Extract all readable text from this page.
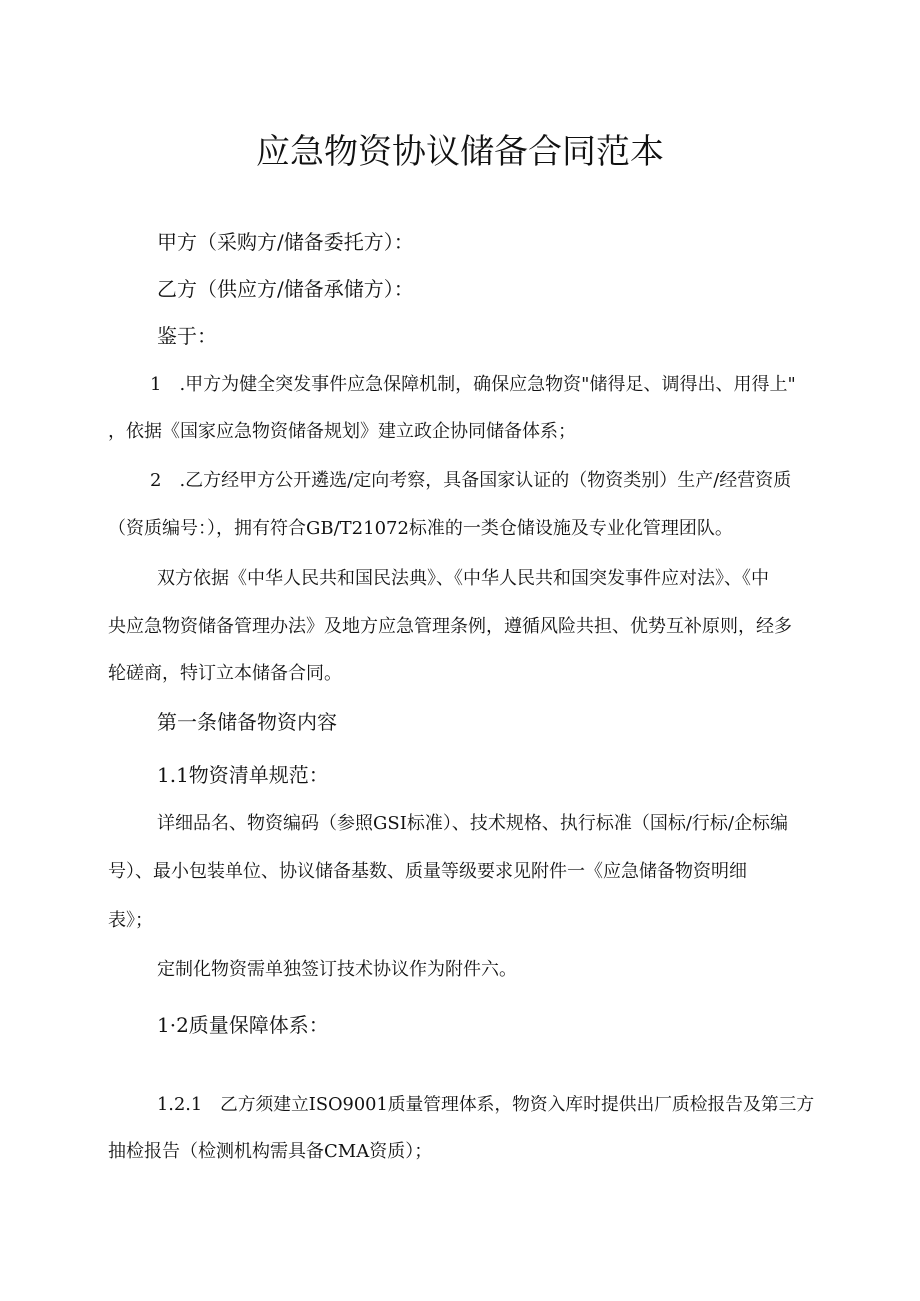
应急物资协议储备合同范本
甲方（采购方/储备委托方）：
乙方（供应方/储备承储方）：
鉴于：
1　.甲方为健全突发事件应急保障机制，确保应急物资"储得足、调得出、用得上"
，依据《国家应急物资储备规划》建立政企协同储备体系；
2　.乙方经甲方公开遴选/定向考察，具备国家认证的（物资类别）生产/经营资质
（资质编号：），拥有符合GB/T21072标准的一类仓储设施及专业化管理团队。
双方依据《中华人民共和国民法典》、《中华人民共和国突发事件应对法》、《中
央应急物资储备管理办法》及地方应急管理条例，遵循风险共担、优势互补原则，经多
轮磋商，特订立本储备合同。
第一条储备物资内容
1.1物资清单规范：
详细品名、物资编码（参照GSI标准）、技术规格、执行标准（国标/行标/企标编
号）、最小包装单位、协议储备基数、质量等级要求见附件一《应急储备物资明细
表》；
定制化物资需单独签订技术协议作为附件六。
1·2质量保障体系：
1.2.1　乙方须建立ISO9001质量管理体系，物资入库时提供出厂质检报告及第三方
抽检报告（检测机构需具备CMA资质）；
